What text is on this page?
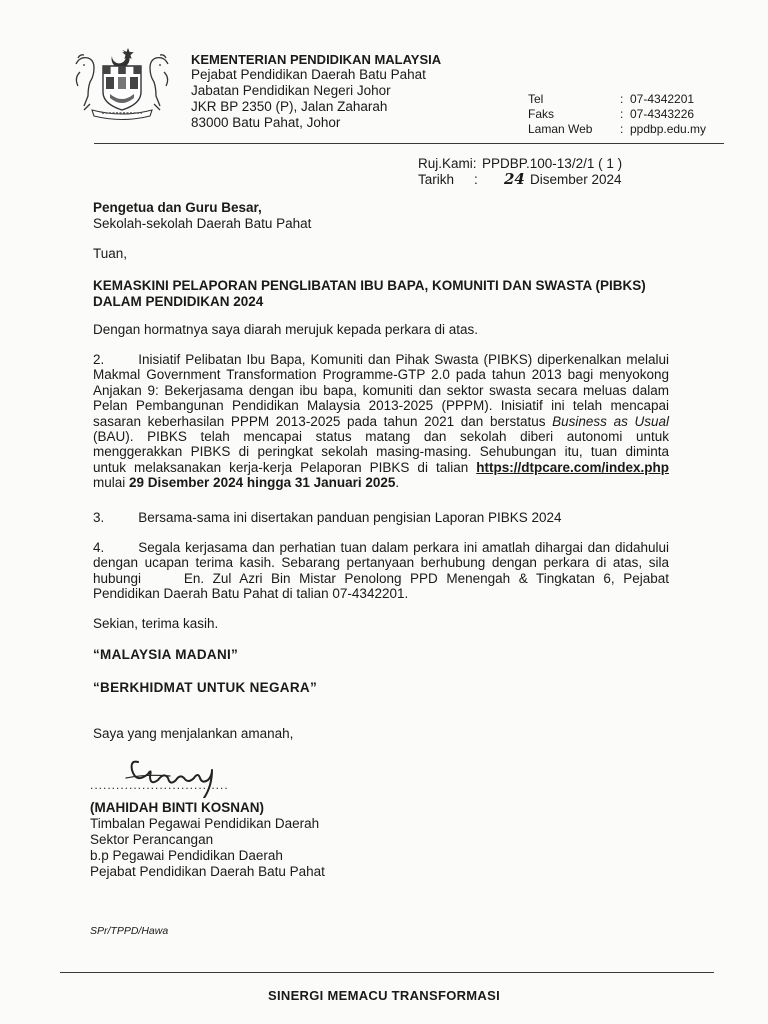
KEMENTERIAN PENDIDIKAN MALAYSIA
Pejabat Pendidikan Daerah Batu Pahat
Jabatan Pendidikan Negeri Johor
JKR BP 2350 (P), Jalan Zaharah
83000 Batu Pahat, Johor
Tel	: 07-4342201
Faks	: 07-4343226
Laman Web	: ppdbp.edu.my
Ruj.Kami: PPDBP.100-13/2/1 ( 1 )
Tarikh : 24 Disember 2024
Pengetua dan Guru Besar,
Sekolah-sekolah Daerah Batu Pahat
Tuan,
KEMASKINI PELAPORAN PENGLIBATAN IBU BAPA, KOMUNITI DAN SWASTA (PIBKS) DALAM PENDIDIKAN 2024
Dengan hormatnya saya diarah merujuk kepada perkara di atas.
2.	Inisiatif Pelibatan Ibu Bapa, Komuniti dan Pihak Swasta (PIBKS) diperkenalkan melalui
Makmal Government Transformation Programme-GTP 2.0 pada tahun 2013 bagi menyokong
Anjakan 9: Bekerjasama dengan ibu bapa, komuniti dan sektor swasta secara meluas dalam
Pelan Pembangunan Pendidikan Malaysia 2013-2025 (PPPM). Inisiatif ini telah mencapai
sasaran keberhasilan PPPM 2013-2025 pada tahun 2021 dan berstatus Business as Usual
(BAU). PIBKS telah mencapai status matang dan sekolah diberi autonomi untuk
menggerakkan PIBKS di peringkat sekolah masing-masing. Sehubungan itu, tuan diminta
untuk melaksanakan kerja-kerja Pelaporan PIBKS di talian https://dtpcare.com/index.php
mulai 29 Disember 2024 hingga 31 Januari 2025.
3.	Bersama-sama ini disertakan panduan pengisian Laporan PIBKS 2024
4.	Segala kerjasama dan perhatian tuan dalam perkara ini amatlah dihargai dan didahului
dengan ucapan terima kasih. Sebarang pertanyaan berhubung dengan perkara di atas, sila
hubungi     En. Zul Azri Bin Mistar Penolong PPD Menengah & Tingkatan 6, Pejabat
Pendidikan Daerah Batu Pahat di talian 07-4342201.
Sekian, terima kasih.
“MALAYSIA MADANI”
“BERKHIDMAT UNTUK NEGARA”
Saya yang menjalankan amanah,
................................
(MAHIDAH BINTI KOSNAN)
Timbalan Pegawai Pendidikan Daerah
Sektor Perancangan
b.p Pegawai Pendidikan Daerah
Pejabat Pendidikan Daerah Batu Pahat
SPr/TPPD/Hawa
SINERGI MEMACU TRANSFORMASI
